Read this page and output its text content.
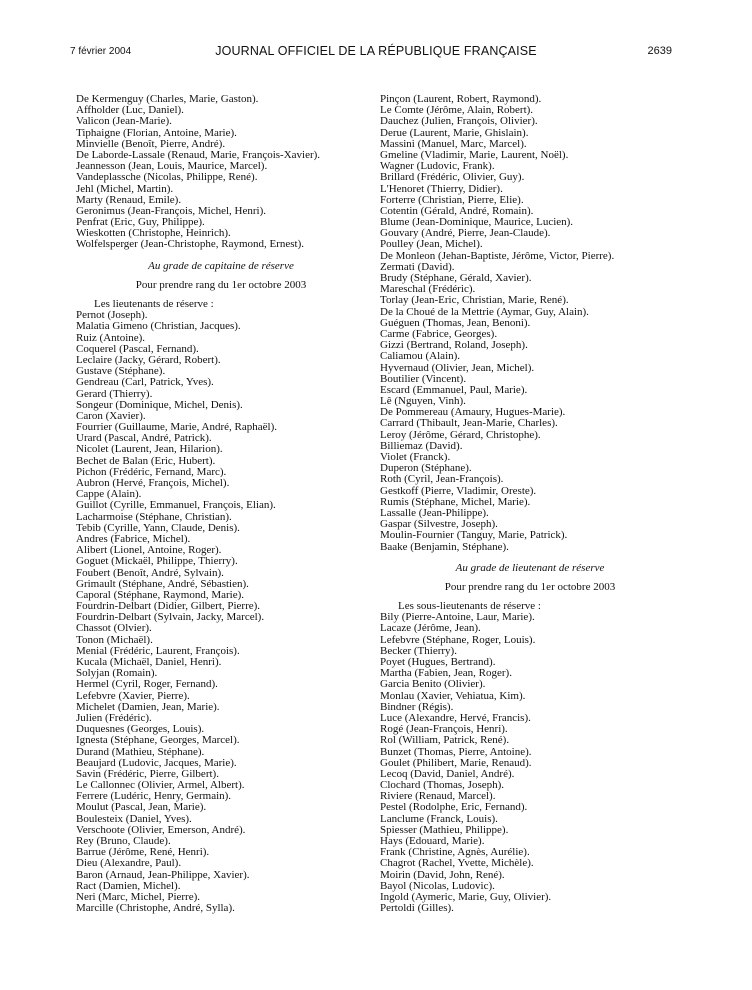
7 février 2004	JOURNAL OFFICIEL DE LA RÉPUBLIQUE FRANÇAISE	2639
De Kermenguy (Charles, Marie, Gaston).
Affholder (Luc, Daniel).
Valicon (Jean-Marie).
Tiphaigne (Florian, Antoine, Marie).
Minvielle (Benoît, Pierre, André).
De Laborde-Lassale (Renaud, Marie, François-Xavier).
Jeannesson (Jean, Louis, Maurice, Marcel).
Vandeplassche (Nicolas, Philippe, René).
Jehl (Michel, Martin).
Marty (Renaud, Emile).
Geronimus (Jean-François, Michel, Henri).
Penfrat (Eric, Guy, Philippe).
Wieskotten (Christophe, Heinrich).
Wolfelsperger (Jean-Christophe, Raymond, Ernest).
Au grade de capitaine de réserve
Pour prendre rang du 1er octobre 2003
Les lieutenants de réserve :
Pernot (Joseph).
Malatia Gimeno (Christian, Jacques).
Ruiz (Antoine).
Coquerel (Pascal, Fernand).
Leclaire (Jacky, Gérard, Robert).
Gustave (Stéphane).
Gendreau (Carl, Patrick, Yves).
Gerard (Thierry).
Songeur (Dominique, Michel, Denis).
Caron (Xavier).
Fourrier (Guillaume, Marie, André, Raphaël).
Urard (Pascal, André, Patrick).
Nicolet (Laurent, Jean, Hilarion).
Bechet de Balan (Eric, Hubert).
Pichon (Frédéric, Fernand, Marc).
Aubron (Hervé, François, Michel).
Cappe (Alain).
Guillot (Cyrille, Emmanuel, François, Elian).
Lacharmoise (Stéphane, Christian).
Tebib (Cyrille, Yann, Claude, Denis).
Andres (Fabrice, Michel).
Alibert (Lionel, Antoine, Roger).
Goguet (Mickaël, Philippe, Thierry).
Foubert (Benoît, André, Sylvain).
Grimault (Stéphane, André, Sébastien).
Caporal (Stéphane, Raymond, Marie).
Fourdrin-Delbart (Didier, Gilbert, Pierre).
Fourdrin-Delbart (Sylvain, Jacky, Marcel).
Chassot (Olvier).
Tonon (Michaël).
Menial (Frédéric, Laurent, François).
Kucala (Michaël, Daniel, Henri).
Solyjan (Romain).
Hermel (Cyril, Roger, Fernand).
Lefebvre (Xavier, Pierre).
Michelet (Damien, Jean, Marie).
Julien (Frédéric).
Duquesnes (Georges, Louis).
Ignesta (Stéphane, Georges, Marcel).
Durand (Mathieu, Stéphane).
Beaujard (Ludovic, Jacques, Marie).
Savin (Frédéric, Pierre, Gilbert).
Le Callonnec (Olivier, Armel, Albert).
Ferrere (Ludéric, Henry, Germain).
Moulut (Pascal, Jean, Marie).
Boulesteix (Daniel, Yves).
Verschoote (Olivier, Emerson, André).
Rey (Bruno, Claude).
Barrue (Jérôme, René, Henri).
Dieu (Alexandre, Paul).
Baron (Arnaud, Jean-Philippe, Xavier).
Ract (Damien, Michel).
Neri (Marc, Michel, Pierre).
Marcille (Christophe, André, Sylla).
Pinçon (Laurent, Robert, Raymond).
Le Comte (Jérôme, Alain, Robert).
Dauchez (Julien, François, Olivier).
Derue (Laurent, Marie, Ghislain).
Massini (Manuel, Marc, Marcel).
Gmeline (Vladimir, Marie, Laurent, Noël).
Wagner (Ludovic, Frank).
Brillard (Frédéric, Olivier, Guy).
L'Henoret (Thierry, Didier).
Forterre (Christian, Pierre, Elie).
Cotentin (Gérald, André, Romain).
Blume (Jean-Dominique, Maurice, Lucien).
Gouvary (André, Pierre, Jean-Claude).
Poulley (Jean, Michel).
De Monleon (Jehan-Baptiste, Jérôme, Victor, Pierre).
Zermati (David).
Brudy (Stéphane, Gérald, Xavier).
Mareschal (Frédéric).
Torlay (Jean-Eric, Christian, Marie, René).
De la Choué de la Mettrie (Aymar, Guy, Alain).
Guéguen (Thomas, Jean, Benoni).
Carme (Fabrice, Georges).
Gizzi (Bertrand, Roland, Joseph).
Caliamou (Alain).
Hyvernaud (Olivier, Jean, Michel).
Boutilier (Vincent).
Escard (Emmanuel, Paul, Marie).
Lê (Nguyen, Vinh).
De Pommereau (Amaury, Hugues-Marie).
Carrard (Thibault, Jean-Marie, Charles).
Leroy (Jérôme, Gérard, Christophe).
Billiemaz (David).
Violet (Franck).
Duperon (Stéphane).
Roth (Cyril, Jean-François).
Gestkoff (Pierre, Vladimir, Oreste).
Rumis (Stéphane, Michel, Marie).
Lassalle (Jean-Philippe).
Gaspar (Silvestre, Joseph).
Moulin-Fournier (Tanguy, Marie, Patrick).
Baake (Benjamin, Stéphane).
Au grade de lieutenant de réserve
Pour prendre rang du 1er octobre 2003
Les sous-lieutenants de réserve :
Bily (Pierre-Antoine, Laur, Marie).
Lacaze (Jérôme, Jean).
Lefebvre (Stéphane, Roger, Louis).
Becker (Thierry).
Poyet (Hugues, Bertrand).
Martha (Fabien, Jean, Roger).
Garcia Benito (Olivier).
Monlau (Xavier, Vehiatua, Kim).
Bindner (Régis).
Luce (Alexandre, Hervé, Francis).
Rogé (Jean-François, Henri).
Rol (William, Patrick, René).
Bunzet (Thomas, Pierre, Antoine).
Goulet (Philibert, Marie, Renaud).
Lecoq (David, Daniel, André).
Clochard (Thomas, Joseph).
Riviere (Renaud, Marcel).
Pestel (Rodolphe, Eric, Fernand).
Lanclume (Franck, Louis).
Spiesser (Mathieu, Philippe).
Hays (Edouard, Marie).
Frank (Christine, Agnès, Aurélie).
Chagrot (Rachel, Yvette, Michèle).
Moirin (David, John, René).
Bayol (Nicolas, Ludovic).
Ingold (Aymeric, Marie, Guy, Olivier).
Pertoldi (Gilles).
